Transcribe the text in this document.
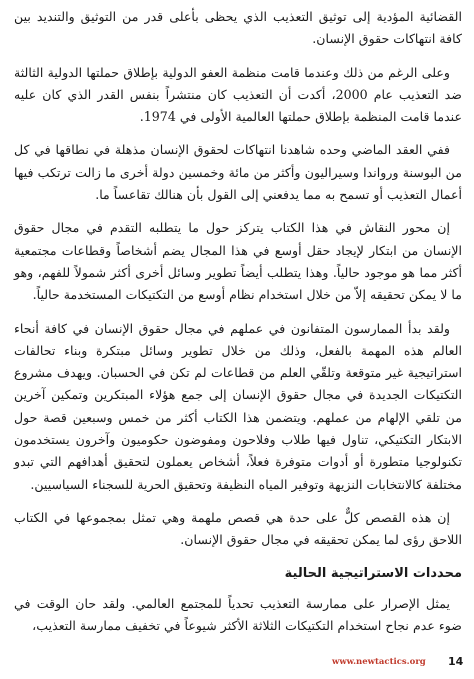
القضائية المؤدية إلى توثيق التعذيب الذي يحظى بأعلى قدر من التوثيق والتنديد بين كافة انتهاكات حقوق الإنسان.

وعلى الرغم من ذلك وعندما قامت منظمة العفو الدولية بإطلاق حملتها الدولية الثالثة ضد التعذيب عام 2000، أكدت أن التعذيب كان منتشراً بنفس القدر الذي كان عليه عندما قامت المنظمة بإطلاق حملتها العالمية الأولى في 1974.

ففي العقد الماضي وحده شاهدنا انتهاكات لحقوق الإنسان مذهلة في نطاقها في كل من البوسنة ورواندا وسيراليون وأكثر من مائة وخمسين دولة أخرى ما زالت ترتكب فيها أعمال التعذيب أو تسمح به مما يدفعني إلى القول بأن هنالك تقاعساً ما.

إن محور النقاش في هذا الكتاب يتركز حول ما يتطلبه التقدم في مجال حقوق الإنسان من ابتكار لإيجاد حقل أوسع في هذا المجال يضم أشخاصاً وقطاعات مجتمعية أكثر مما هو موجود حالياً. وهذا يتطلب أيضاً تطوير وسائل أخرى أكثر شمولاً للفهم، وهو ما لا يمكن تحقيقه إلاّ من خلال استخدام نظام أوسع من التكتيكات المستخدمة حالياً.

ولقد بدأ الممارسون المتفانون في عملهم في مجال حقوق الإنسان في كافة أنحاء العالم هذه المهمة بالفعل، وذلك من خلال تطوير وسائل مبتكرة وبناء تحالفات استراتيجية غير متوقعة وتلقّي العلم من قطاعات لم تكن في الحسبان. ويهدف مشروع التكتيكات الجديدة في مجال حقوق الإنسان إلى جمع هؤلاء المبتكرين وتمكين آخرين من تلقي الإلهام من عملهم. ويتضمن هذا الكتاب أكثر من خمس وسبعين قصة حول الابتكار التكتيكي، تناول فيها طلاب وفلاحون ومفوضون حكوميون وآخرون يستخدمون تكنولوجيا متطورة أو أدوات متوفرة فعلاً، أشخاص يعملون لتحقيق أهدافهم التي تبدو مختلفة كالانتخابات النزيهة وتوفير المياه النظيفة وتحقيق الحرية للسجناء السياسيين.

إن هذه القصص كلٌّ على حدة هي قصص ملهمة وهي تمثل بمجموعها في الكتاب اللاحق رؤى لما يمكن تحقيقه في مجال حقوق الإنسان.

محددات الاستراتيجية الحالية

يمثل الإصرار على ممارسة التعذيب تحدياً للمجتمع العالمي. ولقد حان الوقت في ضوء عدم نجاح استخدام التكتيكات الثلاثة الأكثر شيوعاً في تخفيف ممارسة التعذيب،

www.newtactics.org 14
